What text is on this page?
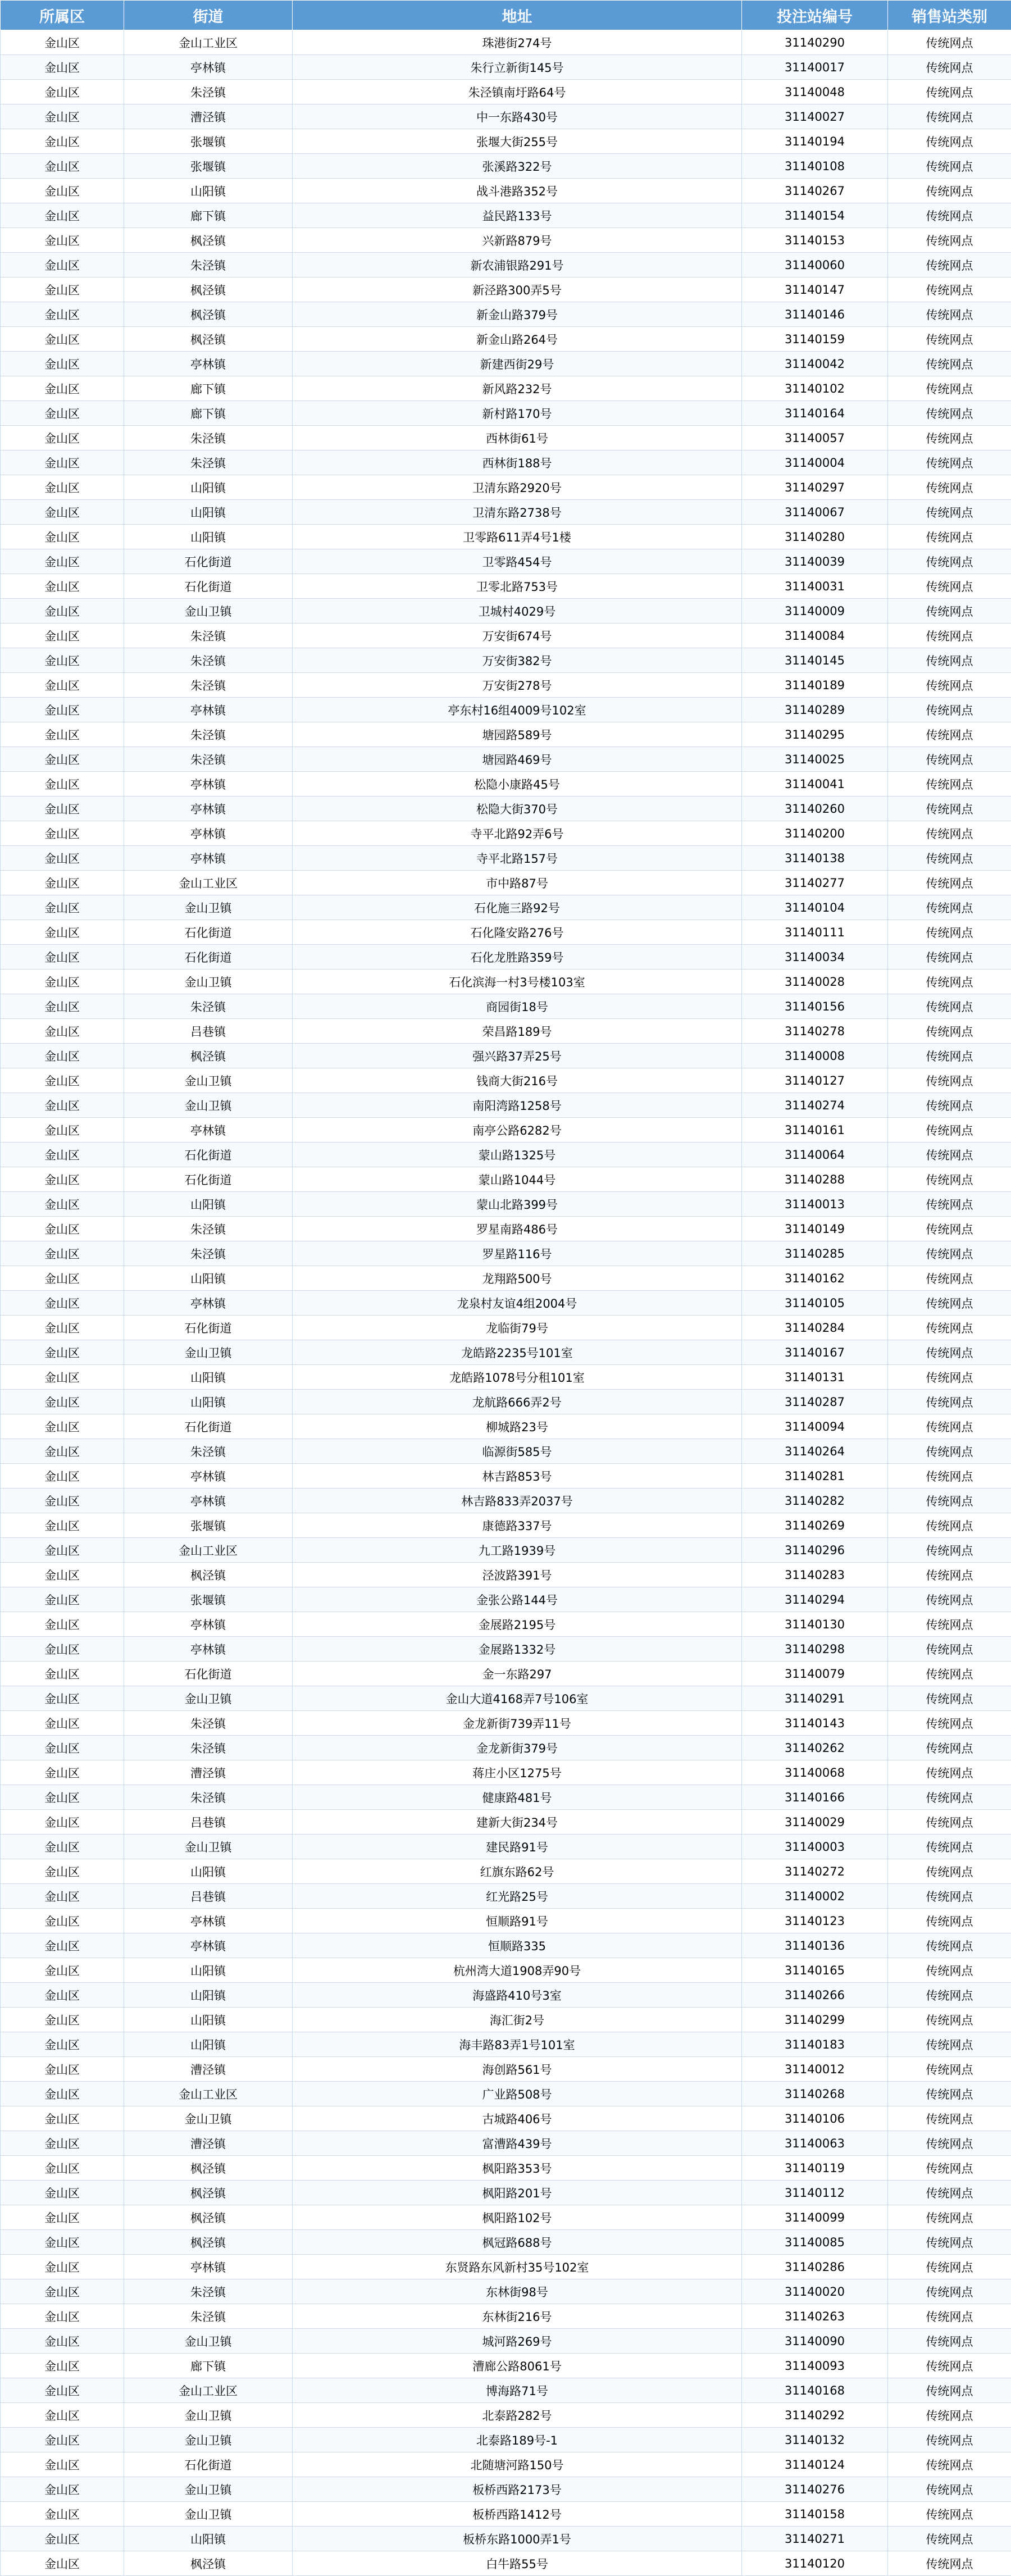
所属区	街道	地址	投注站编号	销售站类别
金山区	金山工业区	珠港街274号	31140290	传统网点
金山区	亭林镇	朱行立新街145号	31140017	传统网点
金山区	朱泾镇	朱泾镇南圩路64号	31140048	传统网点
金山区	漕泾镇	中一东路430号	31140027	传统网点
金山区	张堰镇	张堰大街255号	31140194	传统网点
金山区	张堰镇	张溪路322号	31140108	传统网点
金山区	山阳镇	战斗港路352号	31140267	传统网点
金山区	廊下镇	益民路133号	31140154	传统网点
金山区	枫泾镇	兴新路879号	31140153	传统网点
金山区	朱泾镇	新农浦银路291号	31140060	传统网点
金山区	枫泾镇	新泾路300弄5号	31140147	传统网点
金山区	枫泾镇	新金山路379号	31140146	传统网点
金山区	枫泾镇	新金山路264号	31140159	传统网点
金山区	亭林镇	新建西街29号	31140042	传统网点
金山区	廊下镇	新风路232号	31140102	传统网点
金山区	廊下镇	新村路170号	31140164	传统网点
金山区	朱泾镇	西林街61号	31140057	传统网点
金山区	朱泾镇	西林街188号	31140004	传统网点
金山区	山阳镇	卫清东路2920号	31140297	传统网点
金山区	山阳镇	卫清东路2738号	31140067	传统网点
金山区	山阳镇	卫零路611弄4号1楼	31140280	传统网点
金山区	石化街道	卫零路454号	31140039	传统网点
金山区	石化街道	卫零北路753号	31140031	传统网点
金山区	金山卫镇	卫城村4029号	31140009	传统网点
金山区	朱泾镇	万安街674号	31140084	传统网点
金山区	朱泾镇	万安街382号	31140145	传统网点
金山区	朱泾镇	万安街278号	31140189	传统网点
金山区	亭林镇	亭东村16组4009号102室	31140289	传统网点
金山区	朱泾镇	塘园路589号	31140295	传统网点
金山区	朱泾镇	塘园路469号	31140025	传统网点
金山区	亭林镇	松隐小康路45号	31140041	传统网点
金山区	亭林镇	松隐大街370号	31140260	传统网点
金山区	亭林镇	寺平北路92弄6号	31140200	传统网点
金山区	亭林镇	寺平北路157号	31140138	传统网点
金山区	金山工业区	市中路87号	31140277	传统网点
金山区	金山卫镇	石化施三路92号	31140104	传统网点
金山区	石化街道	石化隆安路276号	31140111	传统网点
金山区	石化街道	石化龙胜路359号	31140034	传统网点
金山区	金山卫镇	石化滨海一村3号楼103室	31140028	传统网点
金山区	朱泾镇	商园街18号	31140156	传统网点
金山区	吕巷镇	荣昌路189号	31140278	传统网点
金山区	枫泾镇	强兴路37弄25号	31140008	传统网点
金山区	金山卫镇	钱商大街216号	31140127	传统网点
金山区	金山卫镇	南阳湾路1258号	31140274	传统网点
金山区	亭林镇	南亭公路6282号	31140161	传统网点
金山区	石化街道	蒙山路1325号	31140064	传统网点
金山区	石化街道	蒙山路1044号	31140288	传统网点
金山区	山阳镇	蒙山北路399号	31140013	传统网点
金山区	朱泾镇	罗星南路486号	31140149	传统网点
金山区	朱泾镇	罗星路116号	31140285	传统网点
金山区	山阳镇	龙翔路500号	31140162	传统网点
金山区	亭林镇	龙泉村友谊4组2004号	31140105	传统网点
金山区	石化街道	龙临街79号	31140284	传统网点
金山区	金山卫镇	龙皓路2235号101室	31140167	传统网点
金山区	山阳镇	龙皓路1078号分租101室	31140131	传统网点
金山区	山阳镇	龙航路666弄2号	31140287	传统网点
金山区	石化街道	柳城路23号	31140094	传统网点
金山区	朱泾镇	临源街585号	31140264	传统网点
金山区	亭林镇	林吉路853号	31140281	传统网点
金山区	亭林镇	林吉路833弄2037号	31140282	传统网点
金山区	张堰镇	康德路337号	31140269	传统网点
金山区	金山工业区	九工路1939号	31140296	传统网点
金山区	枫泾镇	泾波路391号	31140283	传统网点
金山区	张堰镇	金张公路144号	31140294	传统网点
金山区	亭林镇	金展路2195号	31140130	传统网点
金山区	亭林镇	金展路1332号	31140298	传统网点
金山区	石化街道	金一东路297	31140079	传统网点
金山区	金山卫镇	金山大道4168弄7号106室	31140291	传统网点
金山区	朱泾镇	金龙新街739弄11号	31140143	传统网点
金山区	朱泾镇	金龙新街379号	31140262	传统网点
金山区	漕泾镇	蒋庄小区1275号	31140068	传统网点
金山区	朱泾镇	健康路481号	31140166	传统网点
金山区	吕巷镇	建新大街234号	31140029	传统网点
金山区	金山卫镇	建民路91号	31140003	传统网点
金山区	山阳镇	红旗东路62号	31140272	传统网点
金山区	吕巷镇	红光路25号	31140002	传统网点
金山区	亭林镇	恒顺路91号	31140123	传统网点
金山区	亭林镇	恒顺路335	31140136	传统网点
金山区	山阳镇	杭州湾大道1908弄90号	31140165	传统网点
金山区	山阳镇	海盛路410号3室	31140266	传统网点
金山区	山阳镇	海汇街2号	31140299	传统网点
金山区	山阳镇	海丰路83弄1号101室	31140183	传统网点
金山区	漕泾镇	海创路561号	31140012	传统网点
金山区	金山工业区	广业路508号	31140268	传统网点
金山区	金山卫镇	古城路406号	31140106	传统网点
金山区	漕泾镇	富漕路439号	31140063	传统网点
金山区	枫泾镇	枫阳路353号	31140119	传统网点
金山区	枫泾镇	枫阳路201号	31140112	传统网点
金山区	枫泾镇	枫阳路102号	31140099	传统网点
金山区	枫泾镇	枫冠路688号	31140085	传统网点
金山区	亭林镇	东贤路东风新村35号102室	31140286	传统网点
金山区	朱泾镇	东林街98号	31140020	传统网点
金山区	朱泾镇	东林街216号	31140263	传统网点
金山区	金山卫镇	城河路269号	31140090	传统网点
金山区	廊下镇	漕廊公路8061号	31140093	传统网点
金山区	金山工业区	博海路71号	31140168	传统网点
金山区	金山卫镇	北泰路282号	31140292	传统网点
金山区	金山卫镇	北泰路189号-1	31140132	传统网点
金山区	石化街道	北随塘河路150号	31140124	传统网点
金山区	金山卫镇	板桥西路2173号	31140276	传统网点
金山区	金山卫镇	板桥西路1412号	31140158	传统网点
金山区	山阳镇	板桥东路1000弄1号	31140271	传统网点
金山区	枫泾镇	白牛路55号	31140120	传统网点
